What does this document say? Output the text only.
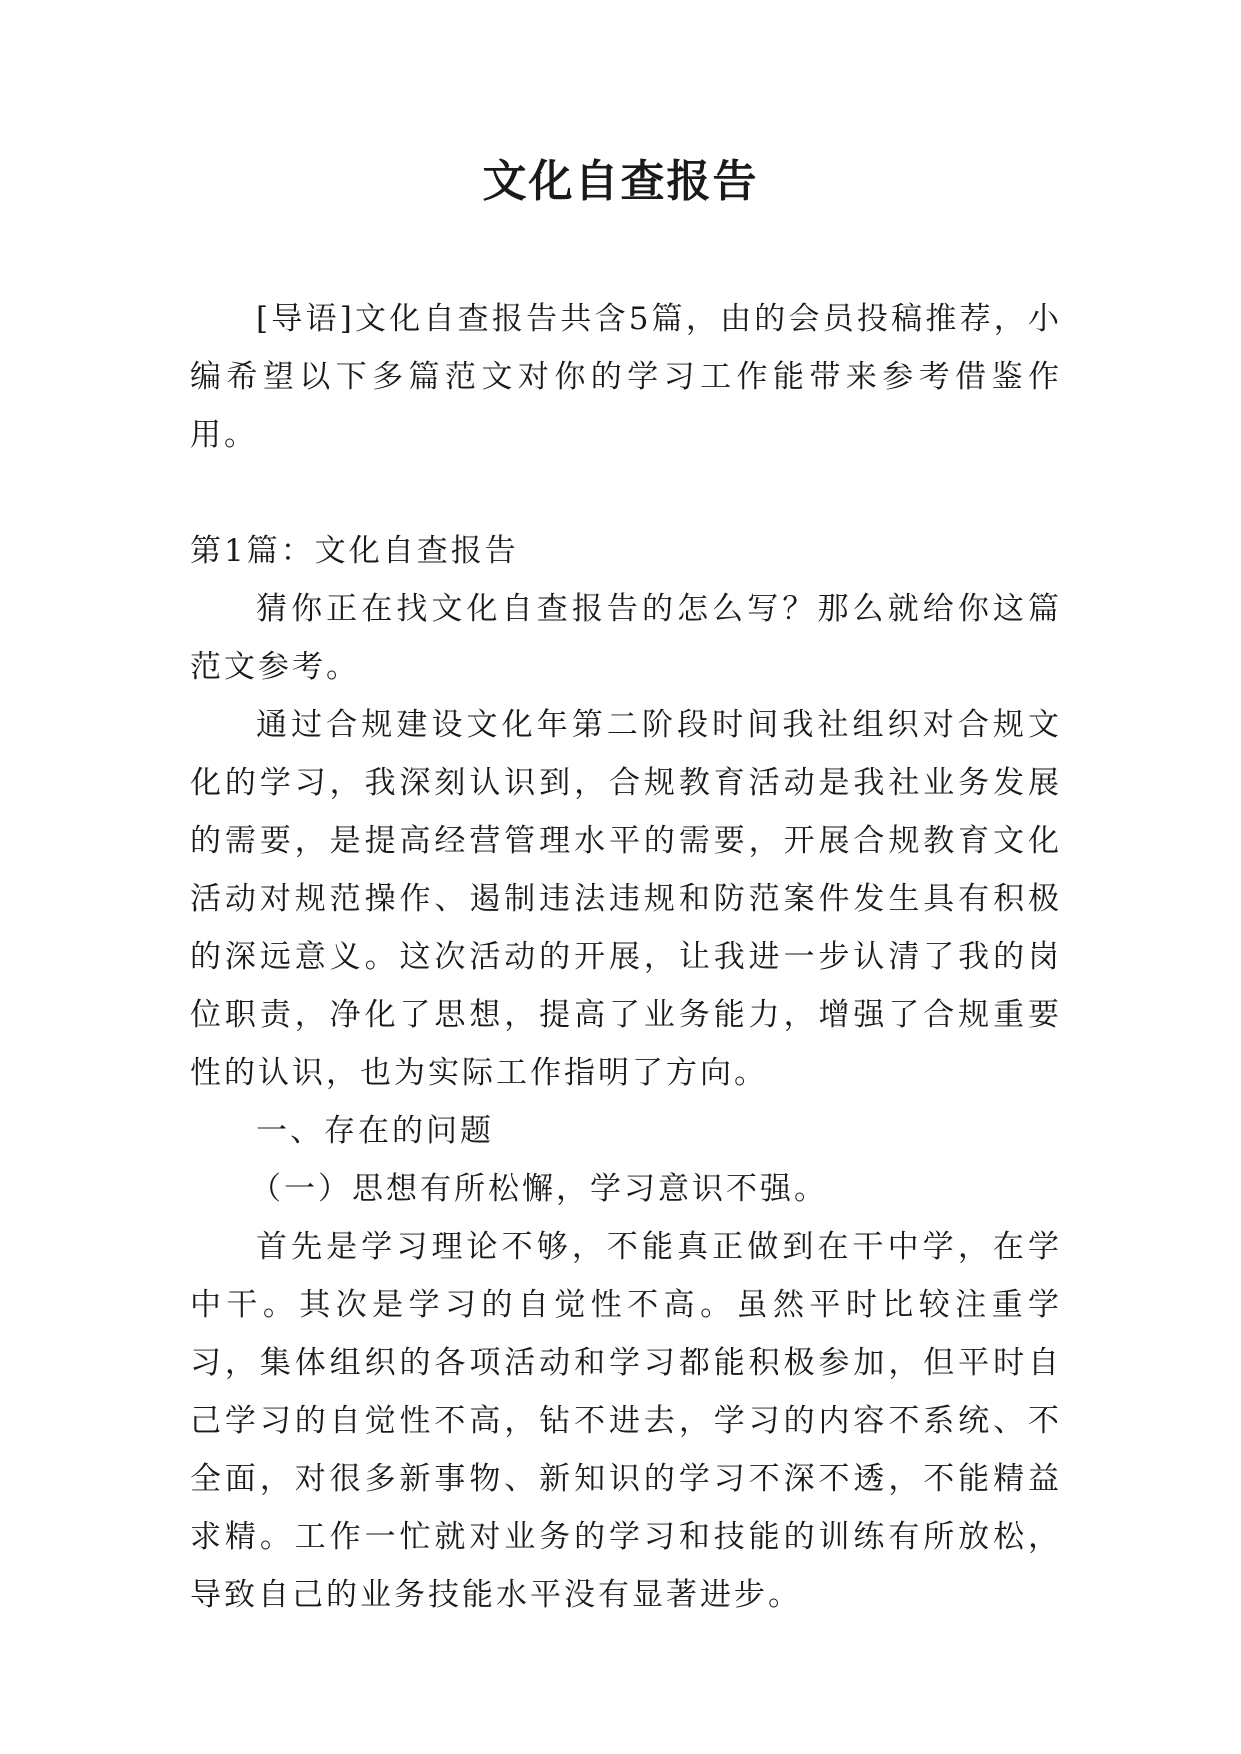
文化自查报告

[导语]文化自查报告共含5篇，由的会员投稿推荐，小编希望以下多篇范文对你的学习工作能带来参考借鉴作用。

第1篇：文化自查报告

猜你正在找文化自查报告的怎么写？那么就给你这篇范文参考。

通过合规建设文化年第二阶段时间我社组织对合规文化的学习，我深刻认识到，合规教育活动是我社业务发展的需要，是提高经营管理水平的需要，开展合规教育文化活动对规范操作、遏制违法违规和防范案件发生具有积极的深远意义。这次活动的开展，让我进一步认清了我的岗位职责，净化了思想，提高了业务能力，增强了合规重要性的认识，也为实际工作指明了方向。

一、存在的问题

（一）思想有所松懈，学习意识不强。

首先是学习理论不够，不能真正做到在干中学，在学中干。其次是学习的自觉性不高。虽然平时比较注重学习，集体组织的各项活动和学习都能积极参加，但平时自己学习的自觉性不高，钻不进去，学习的内容不系统、不全面，对很多新事物、新知识的学习不深不透，不能精益求精。工作一忙就对业务的学习和技能的训练有所放松，导致自己的业务技能水平没有显著进步。
